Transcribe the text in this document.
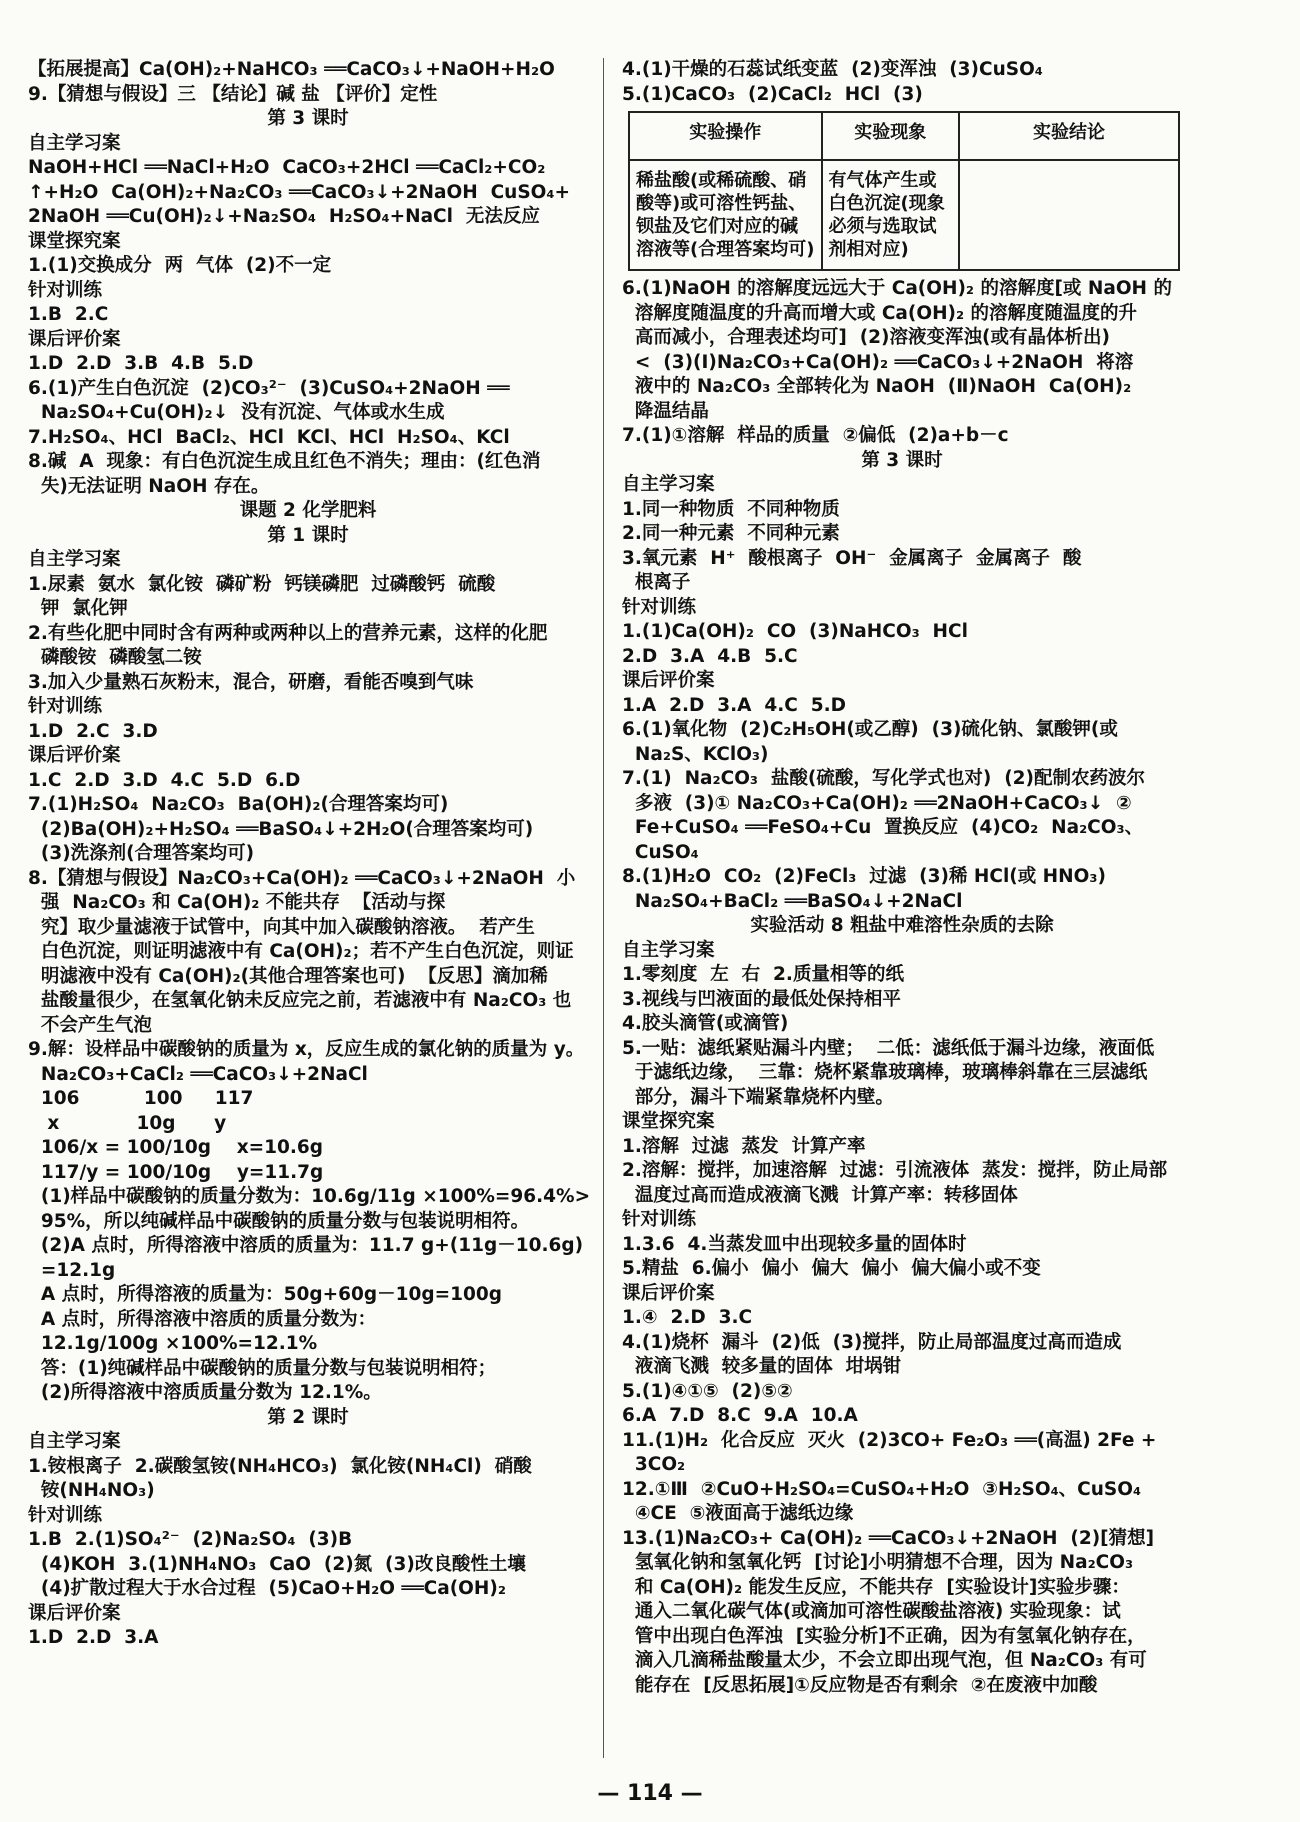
【拓展提高】Ca(OH)₂+NaHCO₃ ══CaCO₃↓+NaOH+H₂O
9.【猜想与假设】三 【结论】碱 盐 【评价】定性
第 3 课时
自主学习案
NaOH+HCl ══NaCl+H₂O  CaCO₃+2HCl ══CaCl₂+CO₂
↑+H₂O  Ca(OH)₂+Na₂CO₃ ══CaCO₃↓+2NaOH  CuSO₄+
2NaOH ══Cu(OH)₂↓+Na₂SO₄  H₂SO₄+NaCl  无法反应
课堂探究案
1.(1)交换成分  两  气体  (2)不一定
针对训练
1.B  2.C
课后评价案
1.D  2.D  3.B  4.B  5.D
6.(1)产生白色沉淀  (2)CO₃²⁻  (3)CuSO₄+2NaOH ══
Na₂SO₄+Cu(OH)₂↓  没有沉淀、气体或水生成
7.H₂SO₄、HCl  BaCl₂、HCl  KCl、HCl  H₂SO₄、KCl
8.碱  A  现象：有白色沉淀生成且红色不消失；理由：(红色消
失)无法证明 NaOH 存在。
课题 2 化学肥料
第 1 课时
自主学习案
1.尿素  氨水  氯化铵  磷矿粉  钙镁磷肥  过磷酸钙  硫酸
钾  氯化钾
2.有些化肥中同时含有两种或两种以上的营养元素，这样的化肥
磷酸铵  磷酸氢二铵
3.加入少量熟石灰粉末，混合，研磨，看能否嗅到气味
针对训练
1.D  2.C  3.D
课后评价案
1.C  2.D  3.D  4.C  5.D  6.D
7.(1)H₂SO₄  Na₂CO₃  Ba(OH)₂(合理答案均可)
(2)Ba(OH)₂+H₂SO₄ ══BaSO₄↓+2H₂O(合理答案均可)
(3)洗涤剂(合理答案均可)
8.【猜想与假设】Na₂CO₃+Ca(OH)₂ ══CaCO₃↓+2NaOH  小
强  Na₂CO₃ 和 Ca(OH)₂ 不能共存  【活动与探
究】取少量滤液于试管中，向其中加入碳酸钠溶液。  若产生
白色沉淀，则证明滤液中有 Ca(OH)₂；若不产生白色沉淀，则证
明滤液中没有 Ca(OH)₂(其他合理答案也可)  【反思】滴加稀
盐酸量很少，在氢氧化钠未反应完之前，若滤液中有 Na₂CO₃ 也
不会产生气泡
9.解：设样品中碳酸钠的质量为 x，反应生成的氯化钠的质量为 y。
Na₂CO₃+CaCl₂ ══CaCO₃↓+2NaCl
106          100     117
x            10g      y
106/x = 100/10g    x=10.6g
117/y = 100/10g    y=11.7g
(1)样品中碳酸钠的质量分数为：10.6g/11g ×100%=96.4%>
95%，所以纯碱样品中碳酸钠的质量分数与包装说明相符。
(2)A 点时，所得溶液中溶质的质量为：11.7 g+(11g－10.6g)
=12.1g
A 点时，所得溶液的质量为：50g+60g－10g=100g
A 点时，所得溶液中溶质的质量分数为：
12.1g/100g ×100%=12.1%
答：(1)纯碱样品中碳酸钠的质量分数与包装说明相符；
(2)所得溶液中溶质质量分数为 12.1%。
第 2 课时
自主学习案
1.铵根离子  2.碳酸氢铵(NH₄HCO₃)  氯化铵(NH₄Cl)  硝酸
铵(NH₄NO₃)
针对训练
1.B  2.(1)SO₄²⁻  (2)Na₂SO₄  (3)B
(4)KOH  3.(1)NH₄NO₃  CaO  (2)氮  (3)改良酸性土壤
(4)扩散过程大于水合过程  (5)CaO+H₂O ══Ca(OH)₂
课后评价案
1.D  2.D  3.A
4.(1)干燥的石蕊试纸变蓝  (2)变浑浊  (3)CuSO₄
5.(1)CaCO₃  (2)CaCl₂  HCl  (3)
实验操作	实验现象	实验结论
稀盐酸(或稀硫酸、硝酸等)或可溶性钙盐、钡盐及它们对应的碱溶液等(合理答案均可)	有气体产生或白色沉淀(现象必须与选取试剂相对应)	
6.(1)NaOH 的溶解度远远大于 Ca(OH)₂ 的溶解度[或 NaOH 的
溶解度随温度的升高而增大或 Ca(OH)₂ 的溶解度随温度的升
高而减小，合理表述均可]  (2)溶液变浑浊(或有晶体析出)
<  (3)(Ⅰ)Na₂CO₃+Ca(OH)₂ ══CaCO₃↓+2NaOH  将溶
液中的 Na₂CO₃ 全部转化为 NaOH  (Ⅱ)NaOH  Ca(OH)₂
降温结晶
7.(1)①溶解  样品的质量  ②偏低  (2)a+b－c
第 3 课时
自主学习案
1.同一种物质  不同种物质
2.同一种元素  不同种元素
3.氧元素  H⁺  酸根离子  OH⁻  金属离子  金属离子  酸
根离子
针对训练
1.(1)Ca(OH)₂  CO  (3)NaHCO₃  HCl
2.D  3.A  4.B  5.C
课后评价案
1.A  2.D  3.A  4.C  5.D
6.(1)氧化物  (2)C₂H₅OH(或乙醇)  (3)硫化钠、氯酸钾(或
Na₂S、KClO₃)
7.(1)  Na₂CO₃  盐酸(硫酸，写化学式也对)  (2)配制农药波尔
多液  (3)① Na₂CO₃+Ca(OH)₂ ══2NaOH+CaCO₃↓  ②
Fe+CuSO₄ ══FeSO₄+Cu  置换反应  (4)CO₂  Na₂CO₃、
CuSO₄
8.(1)H₂O  CO₂  (2)FeCl₃  过滤  (3)稀 HCl(或 HNO₃)
Na₂SO₄+BaCl₂ ══BaSO₄↓+2NaCl
实验活动 8 粗盐中难溶性杂质的去除
自主学习案
1.零刻度  左  右  2.质量相等的纸
3.视线与凹液面的最低处保持相平
4.胶头滴管(或滴管)
5.一贴：滤纸紧贴漏斗内壁；  二低：滤纸低于漏斗边缘，液面低
于滤纸边缘，  三靠：烧杯紧靠玻璃棒，玻璃棒斜靠在三层滤纸
部分，漏斗下端紧靠烧杯内壁。
课堂探究案
1.溶解  过滤  蒸发  计算产率
2.溶解：搅拌，加速溶解  过滤：引流液体  蒸发：搅拌，防止局部
温度过高而造成液滴飞溅  计算产率：转移固体
针对训练
1.3.6  4.当蒸发皿中出现较多量的固体时
5.精盐  6.偏小  偏小  偏大  偏小  偏大偏小或不变
课后评价案
1.④  2.D  3.C
4.(1)烧杯  漏斗  (2)低  (3)搅拌，防止局部温度过高而造成
液滴飞溅  较多量的固体  坩埚钳
5.(1)④①⑤  (2)⑤②
6.A  7.D  8.C  9.A  10.A
11.(1)H₂  化合反应  灭火  (2)3CO+ Fe₂O₃ ══(高温) 2Fe +
3CO₂
12.①Ⅲ  ②CuO+H₂SO₄=CuSO₄+H₂O  ③H₂SO₄、CuSO₄
④CE  ⑤液面高于滤纸边缘
13.(1)Na₂CO₃+ Ca(OH)₂ ══CaCO₃↓+2NaOH  (2)[猜想]
氢氧化钠和氢氧化钙  [讨论]小明猜想不合理，因为 Na₂CO₃
和 Ca(OH)₂ 能发生反应，不能共存  [实验设计]实验步骤：
通入二氧化碳气体(或滴加可溶性碳酸盐溶液) 实验现象：试
管中出现白色浑浊  [实验分析]不正确，因为有氢氧化钠存在，
滴入几滴稀盐酸量太少，不会立即出现气泡，但 Na₂CO₃ 有可
能存在  [反思拓展]①反应物是否有剩余  ②在废液中加酸
— 114 —
